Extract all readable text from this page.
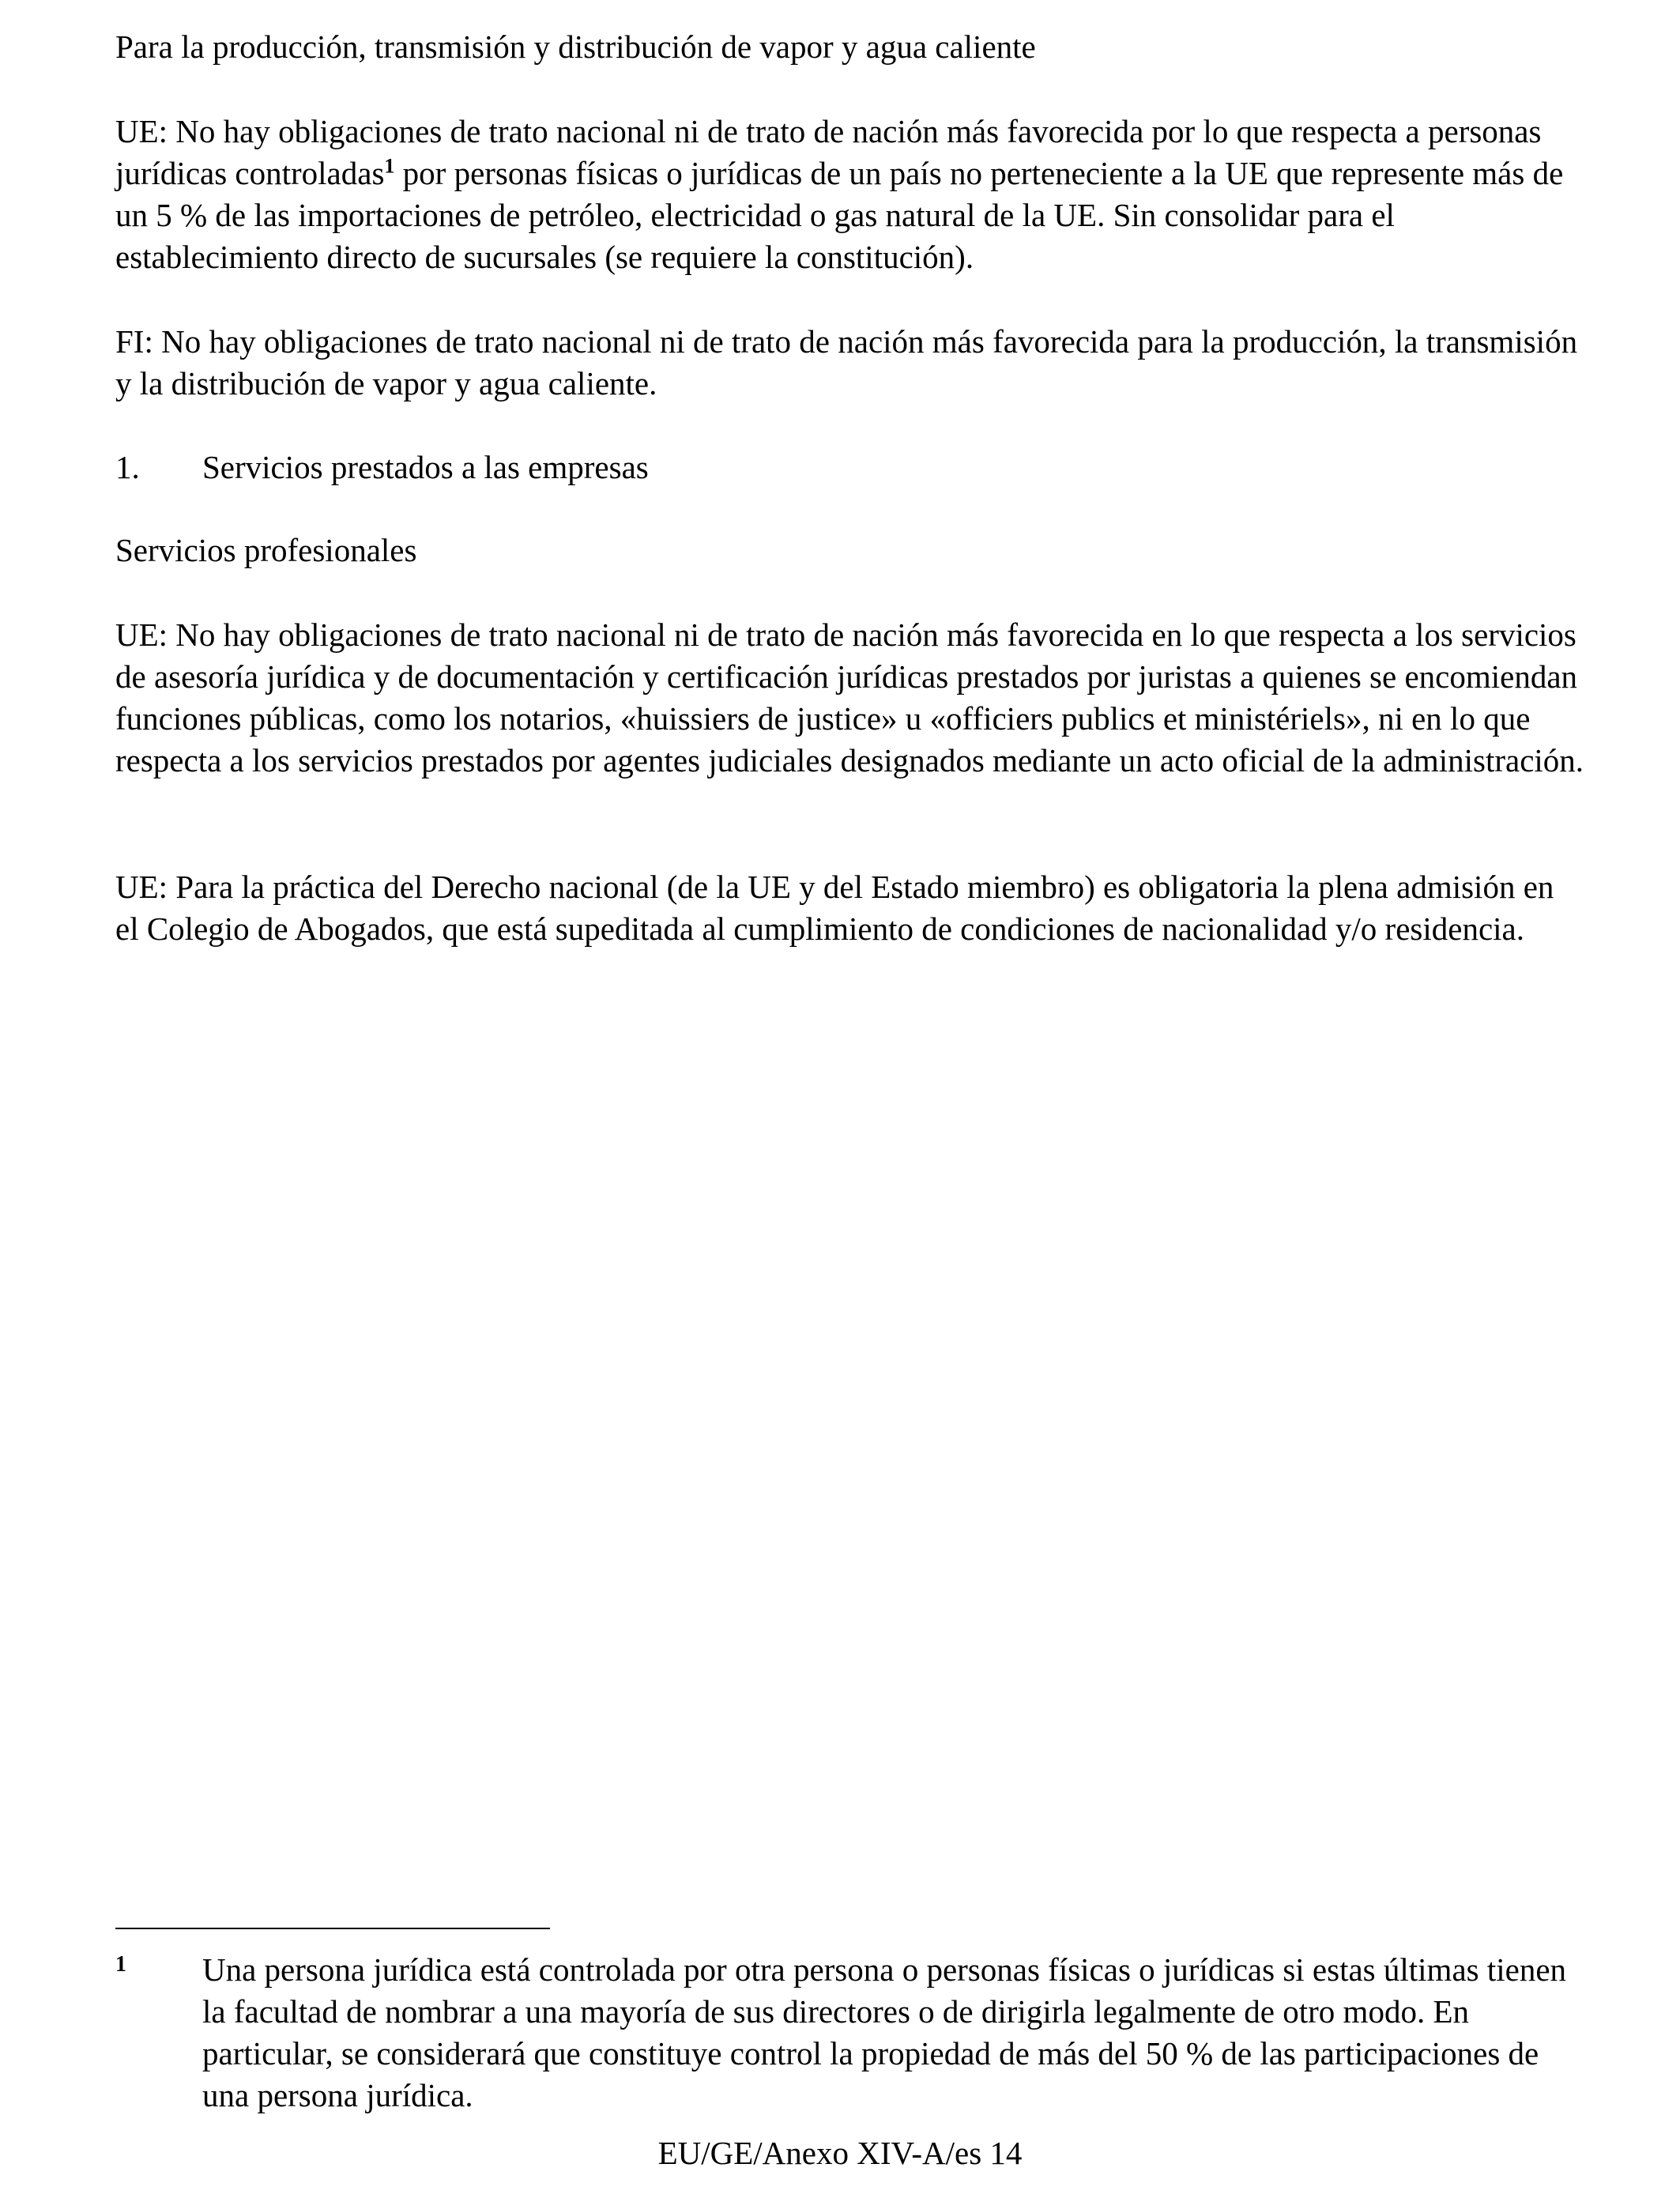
Para la producción, transmisión y distribución de vapor y agua caliente

UE: No hay obligaciones de trato nacional ni de trato de nación más favorecida por lo que respecta a personas jurídicas controladas$^1$ por personas físicas o jurídicas de un país no perteneciente a la UE que represente más de un 5 % de las importaciones de petróleo, electricidad o gas natural de la UE. Sin consolidar para el establecimiento directo de sucursales (se requiere la constitución).

FI: No hay obligaciones de trato nacional ni de trato de nación más favorecida para la producción, la transmisión y la distribución de vapor y agua caliente.

1. Servicios prestados a las empresas

Servicios profesionales

UE: No hay obligaciones de trato nacional ni de trato de nación más favorecida en lo que respecta a los servicios de asesoría jurídica y de documentación y certificación jurídicas prestados por juristas a quienes se encomiendan funciones públicas, como los notarios, «huissiers de justice» u «officiers publics et ministériels», ni en lo que respecta a los servicios prestados por agentes judiciales designados mediante un acto oficial de la administración.

UE: Para la práctica del Derecho nacional (de la UE y del Estado miembro) es obligatoria la plena admisión en el Colegio de Abogados, que está supeditada al cumplimiento de condiciones de nacionalidad y/o residencia.

1 Una persona jurídica está controlada por otra persona o personas físicas o jurídicas si estas últimas tienen la facultad de nombrar a una mayoría de sus directores o de dirigirla legalmente de otro modo. En particular, se considerará que constituye control la propiedad de más del 50 % de las participaciones de una persona jurídica.
EU/GE/Anexo XIV-A/es 14
